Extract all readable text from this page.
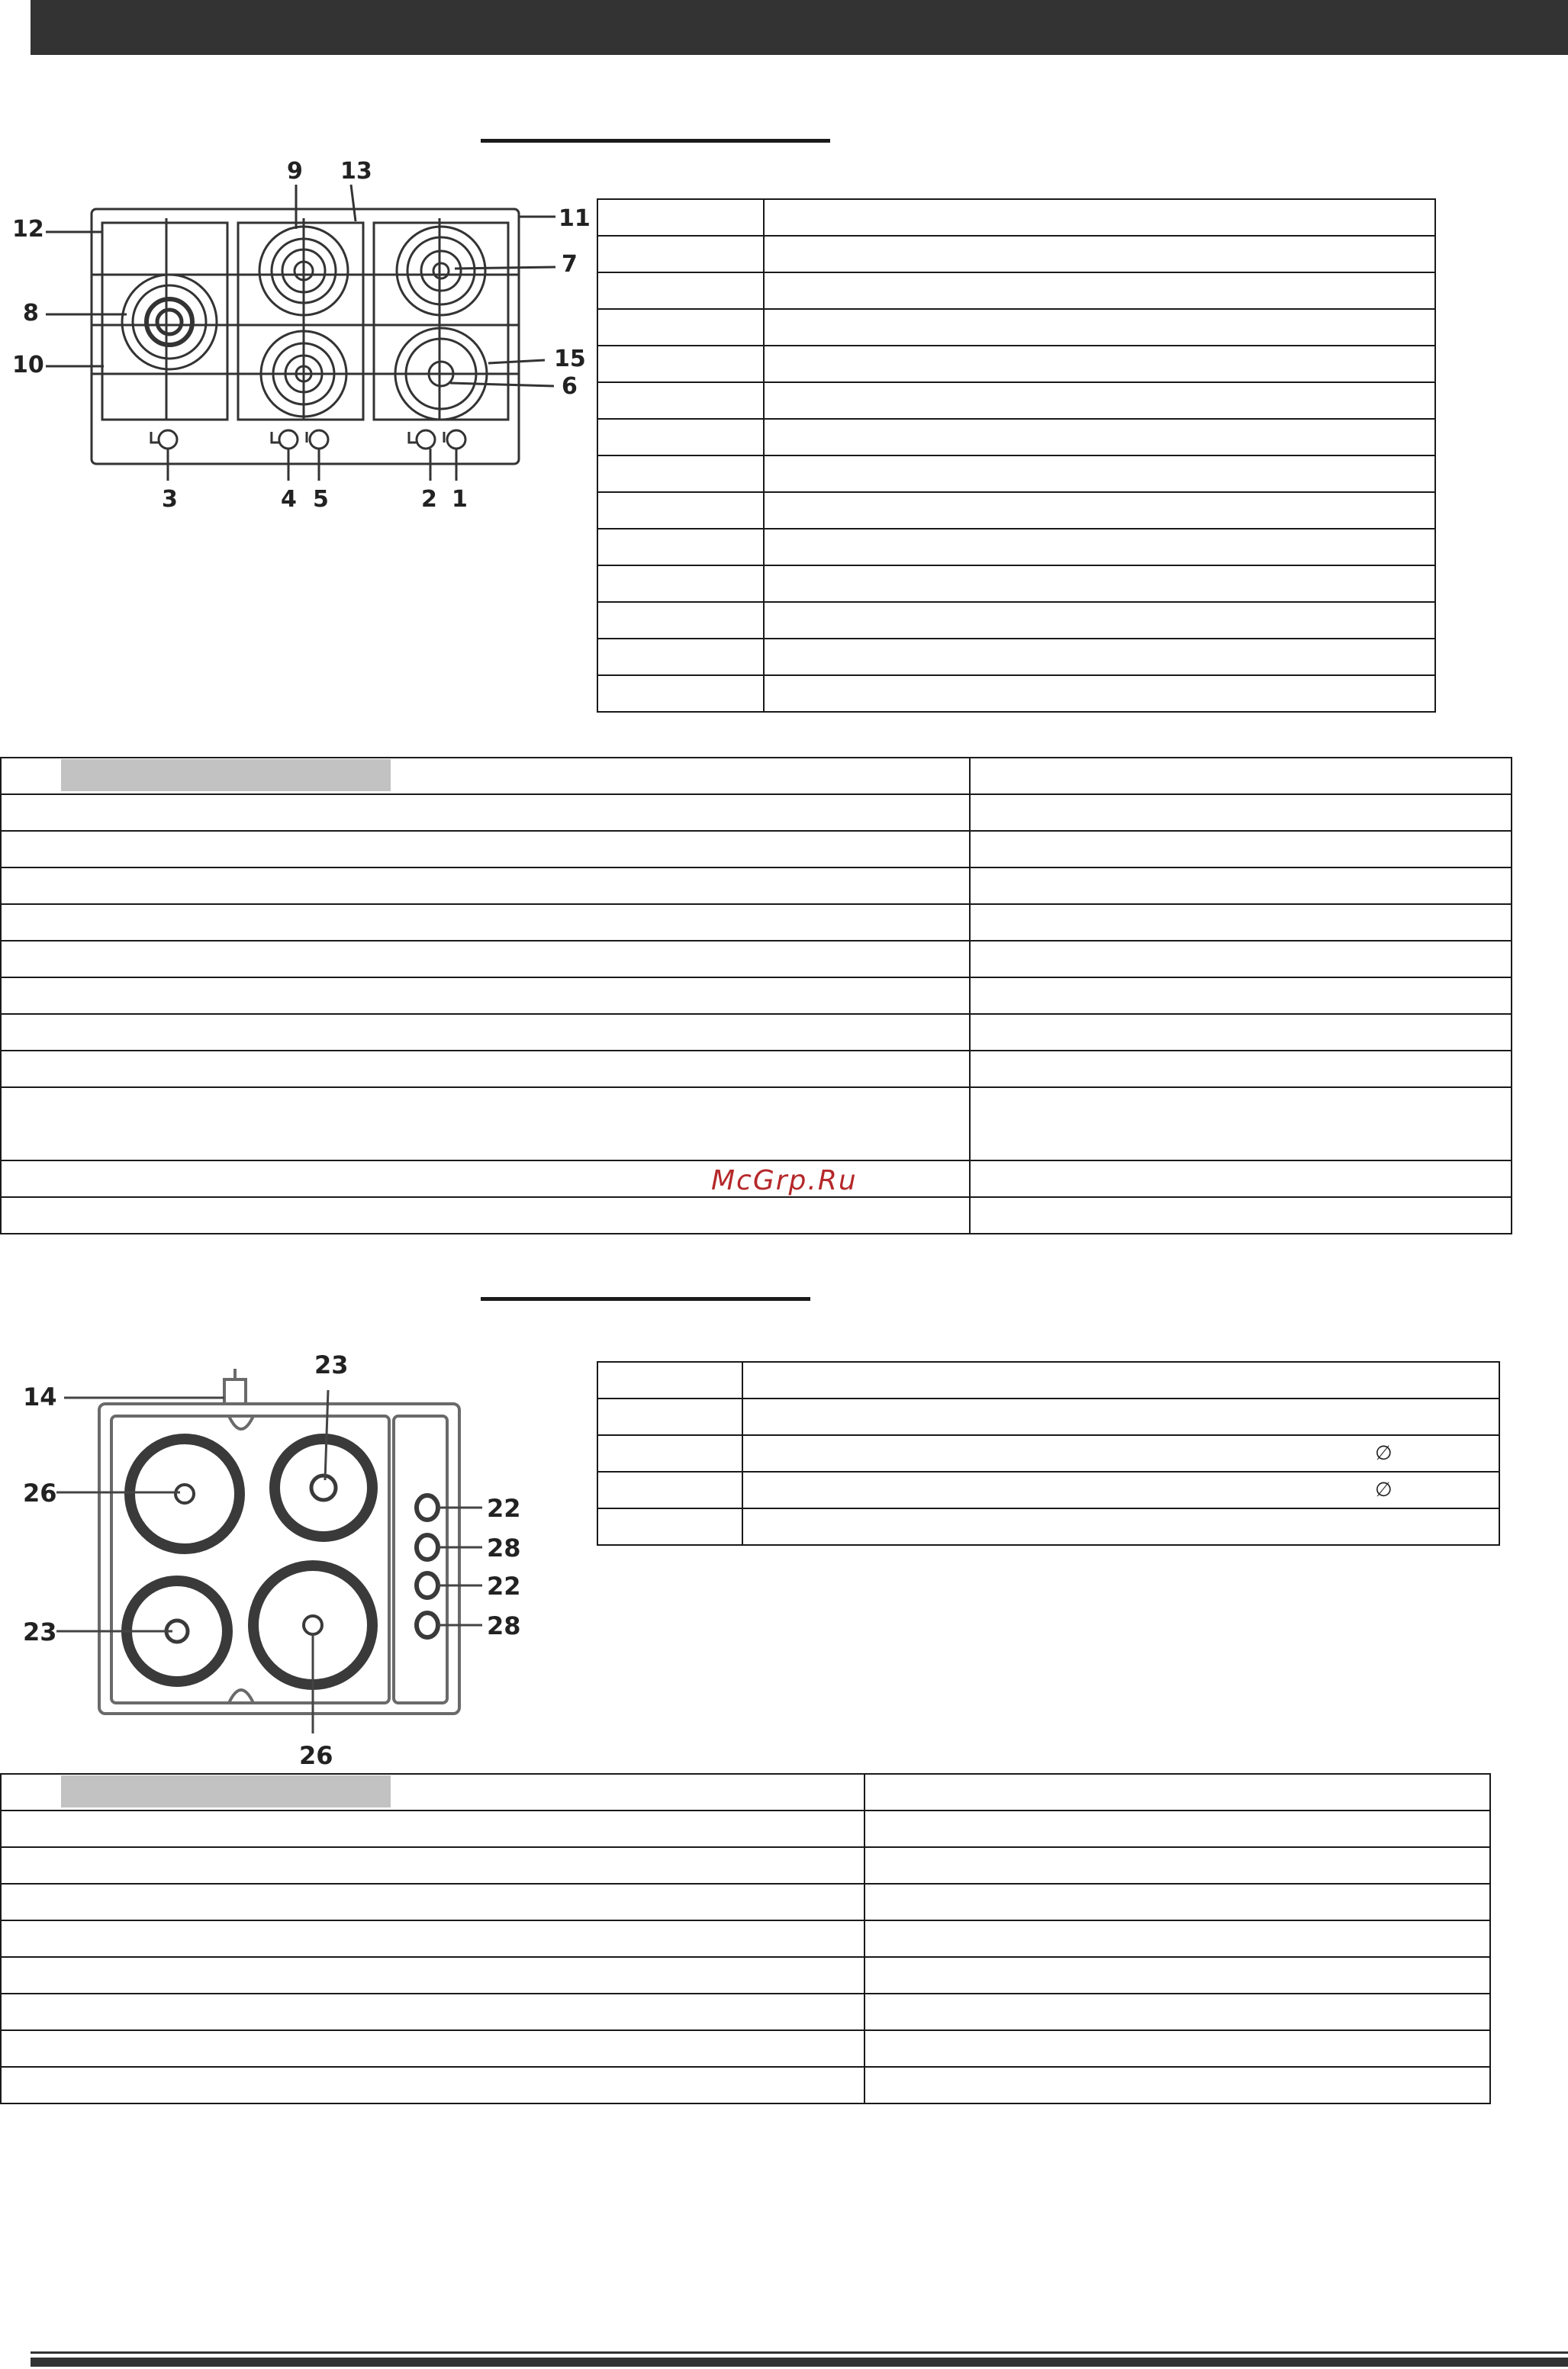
12
8
10
9 13
11
7
15
6
3	4 5	2 1

McGrp.Ru
14
23
26
23
26
22
28
22
28

	∅
	∅
